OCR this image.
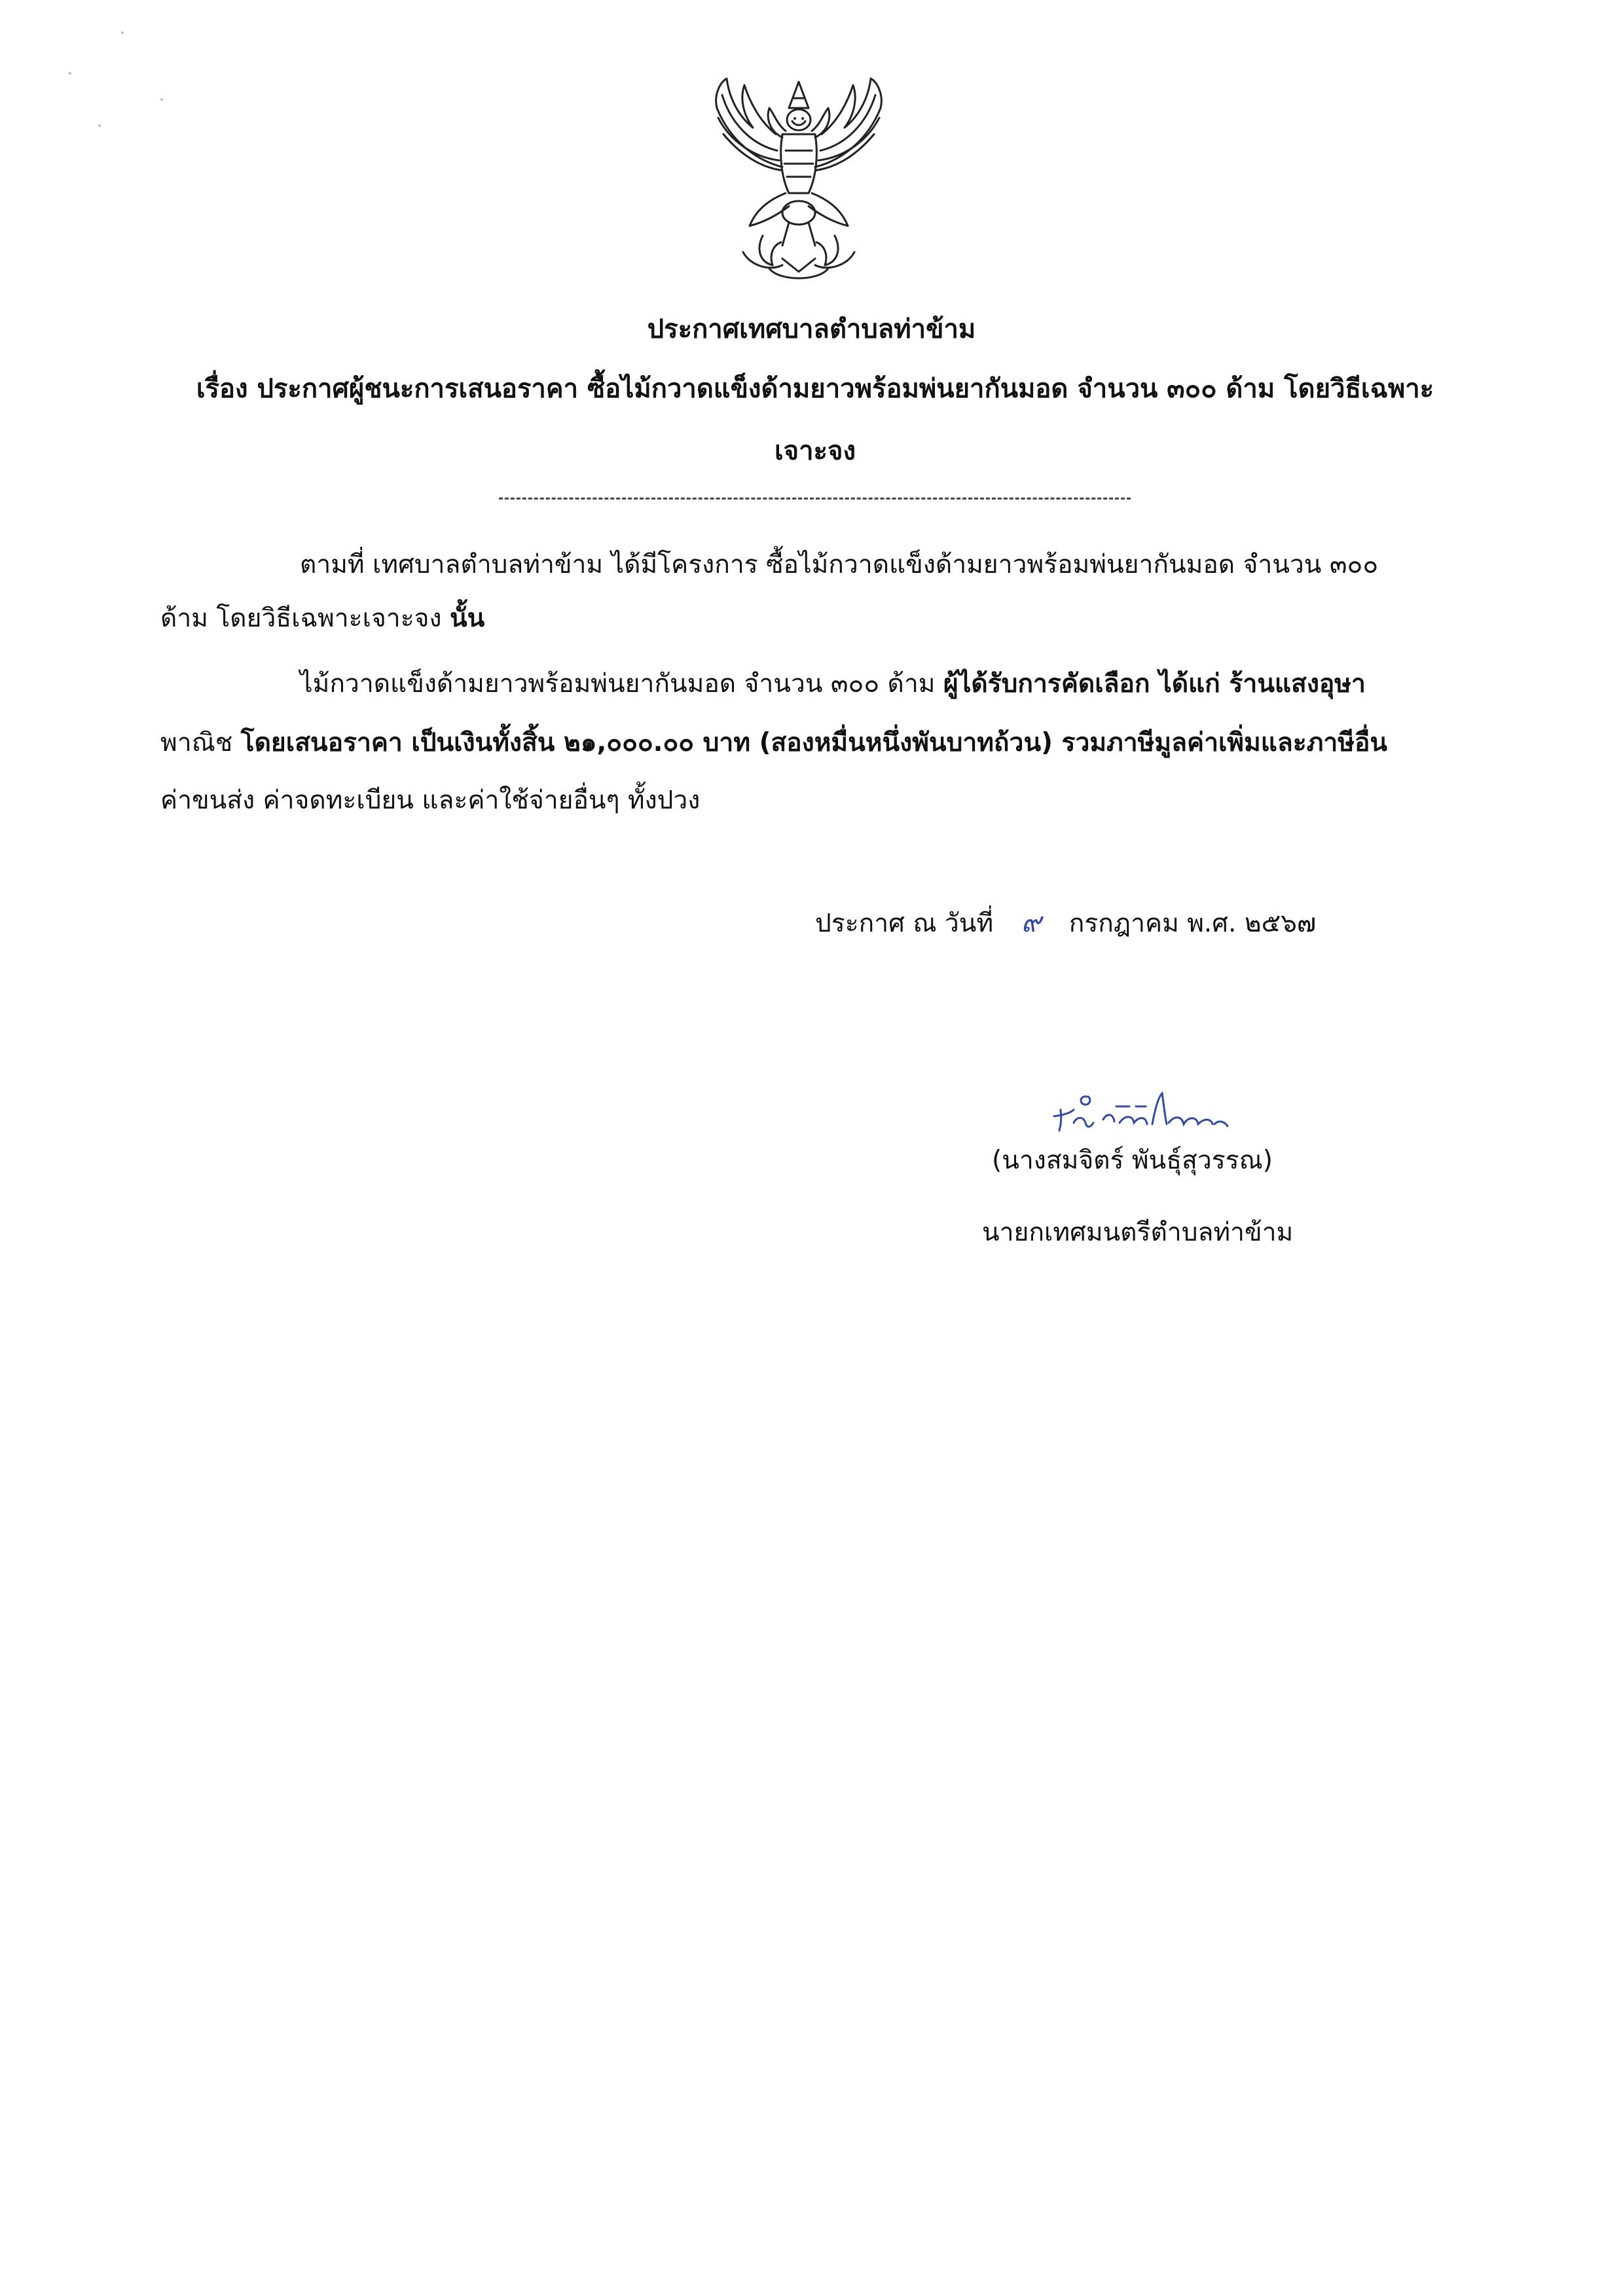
ประกาศเทศบาลตำบลท่าข้าม
เรื่อง ประกาศผู้ชนะการเสนอราคา ซื้อไม้กวาดแข็งด้ามยาวพร้อมพ่นยากันมอด จำนวน ๓๐๐ ด้าม โดยวิธีเฉพาะ
เจาะจง
ตามที่ เทศบาลตำบลท่าข้าม ได้มีโครงการ ซื้อไม้กวาดแข็งด้ามยาวพร้อมพ่นยากันมอด จำนวน ๓๐๐
ด้าม โดยวิธีเฉพาะเจาะจง นั้น
ไม้กวาดแข็งด้ามยาวพร้อมพ่นยากันมอด จำนวน ๓๐๐ ด้าม ผู้ได้รับการคัดเลือก ได้แก่ ร้านแสงอุษา
พาณิช โดยเสนอราคา เป็นเงินทั้งสิ้น ๒๑,๐๐๐.๐๐ บาท (สองหมื่นหนึ่งพันบาทถ้วน) รวมภาษีมูลค่าเพิ่มและภาษีอื่น
ค่าขนส่ง ค่าจดทะเบียน และค่าใช้จ่ายอื่นๆ ทั้งปวง
ประกาศ ณ วันที่ ๙ กรกฎาคม พ.ศ. ๒๕๖๗
(นางสมจิตร์ พันธุ์สุวรรณ)
นายกเทศมนตรีตำบลท่าข้าม
